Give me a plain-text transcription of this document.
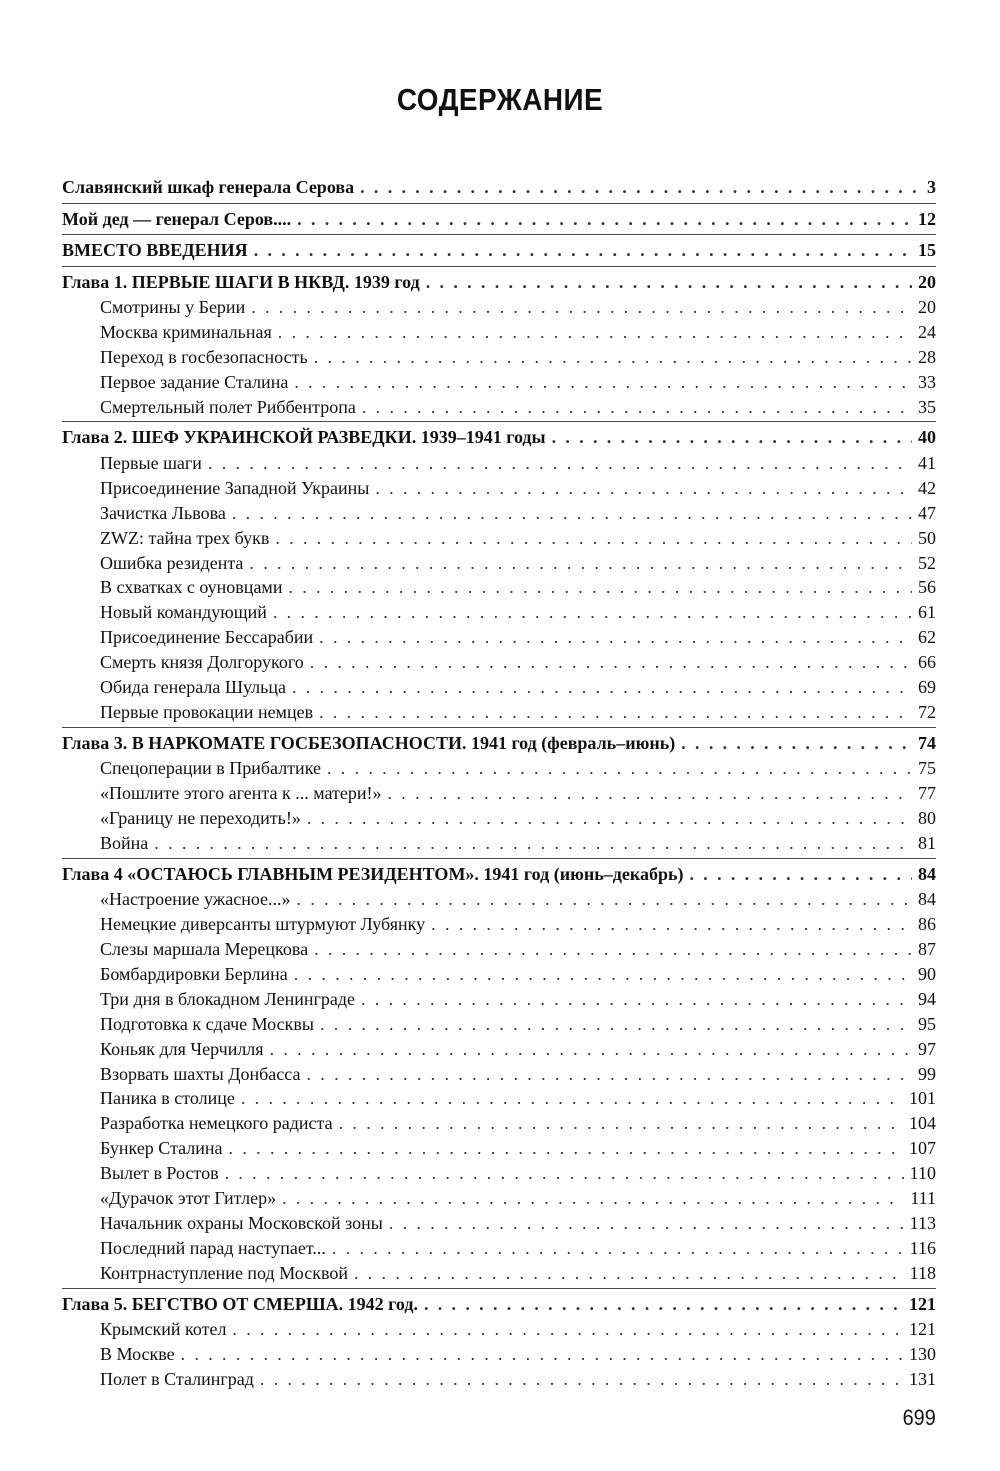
СОДЕРЖАНИЕ
Славянский шкаф генерала Серова . . .	3
Мой дед — генерал Серов.... . . .	12
ВМЕСТО ВВЕДЕНИЯ . . .	15
Глава 1. ПЕРВЫЕ ШАГИ В НКВД. 1939 год . . .	20
Смотрины у Берии . . .	20
Москва криминальная . . .	24
Переход в госбезопасность . . .	28
Первое задание Сталина . . .	33
Смертельный полет Риббентропа . . .	35
Глава 2. ШЕФ УКРАИНСКОЙ РАЗВЕДКИ. 1939–1941 годы . . .	40
Первые шаги . . .	41
Присоединение Западной Украины . . .	42
Зачистка Львова . . .	47
ZWZ: тайна трех букв . . .	50
Ошибка резидента . . .	52
В схватках с оуновцами . . .	56
Новый командующий . . .	61
Присоединение Бессарабии . . .	62
Смерть князя Долгорукого . . .	66
Обида генерала Шульца . . .	69
Первые провокации немцев . . .	72
Глава 3. В НАРКОМАТЕ ГОСБЕЗОПАСНОСТИ. 1941 год (февраль–июнь) . . .	74
Спецоперации в Прибалтике . . .	75
«Пошлите этого агента к ... матери!» . . .	77
«Границу не переходить!» . . .	80
Война . . .	81
Глава 4 «ОСТАЮСЬ ГЛАВНЫМ РЕЗИДЕНТОМ». 1941 год (июнь–декабрь) . . .	84
«Настроение ужасное...» . . .	84
Немецкие диверсанты штурмуют Лубянку . . .	86
Слезы маршала Мерецкова . . .	87
Бомбардировки Берлина . . .	90
Три дня в блокадном Ленинграде . . .	94
Подготовка к сдаче Москвы . . .	95
Коньяк для Черчилля . . .	97
Взорвать шахты Донбасса . . .	99
Паника в столице . . .	101
Разработка немецкого радиста . . .	104
Бункер Сталина . . .	107
Вылет в Ростов . . .	110
«Дурачок этот Гитлер» . . .	111
Начальник охраны Московской зоны . . .	113
Последний парад наступает... . . .	116
Контрнаступление под Москвой . . .	118
Глава 5. БЕГСТВО ОТ СМЕРША. 1942 год. . . .	121
Крымский котел . . .	121
В Москве . . .	130
Полет в Сталинград . . .	131
699
